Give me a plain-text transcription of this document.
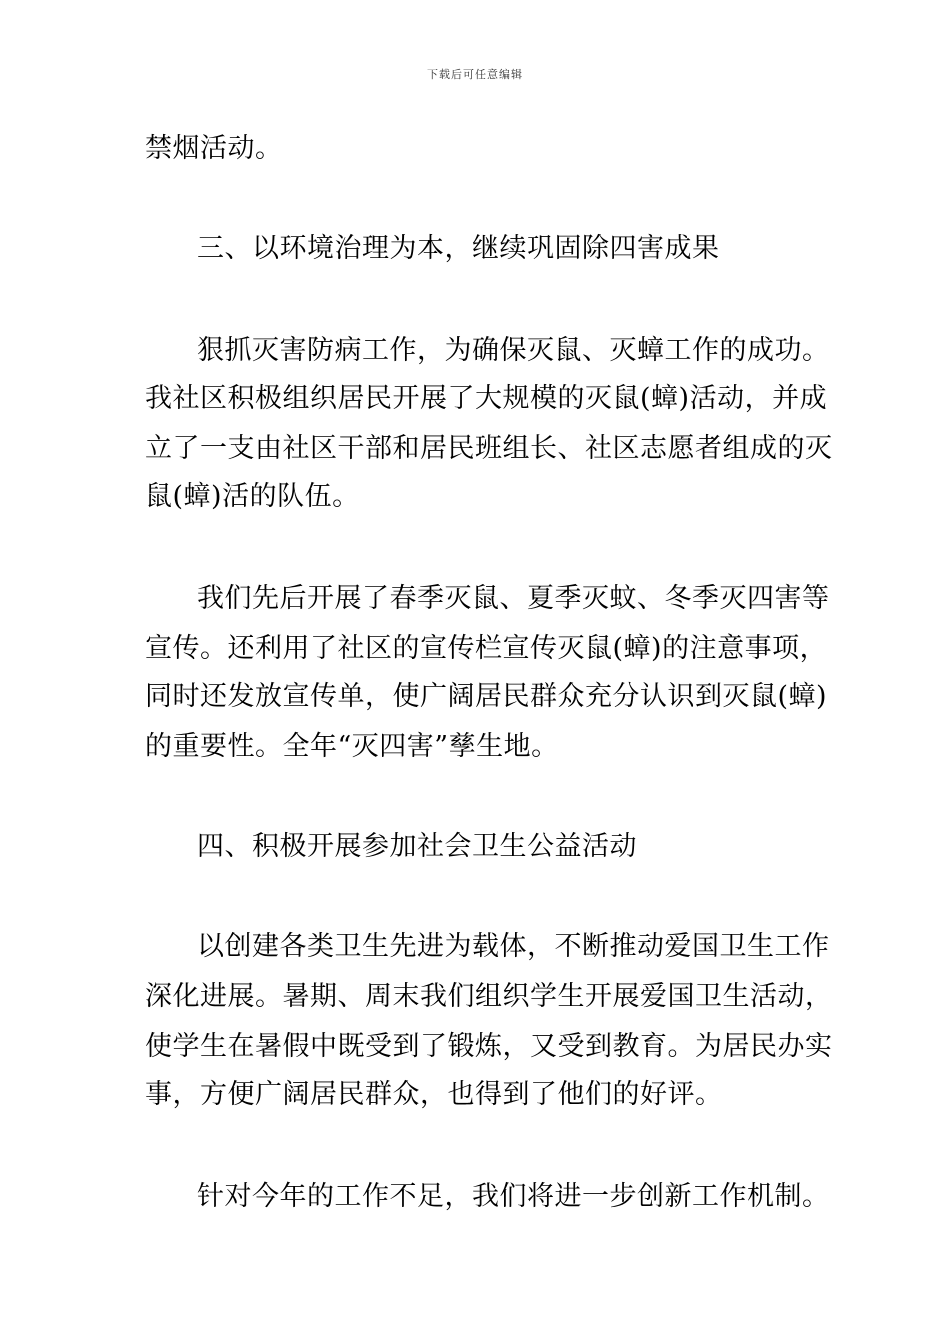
下载后可任意编辑
禁烟活动。
三、以环境治理为本，继续巩固除四害成果
狠抓灭害防病工作，为确保灭鼠、灭蟑工作的成功。
我社区积极组织居民开展了大规模的灭鼠(蟑)活动，并成
立了一支由社区干部和居民班组长、社区志愿者组成的灭
鼠(蟑)活的队伍。
我们先后开展了春季灭鼠、夏季灭蚊、冬季灭四害等
宣传。还利用了社区的宣传栏宣传灭鼠(蟑)的注意事项，
同时还发放宣传单，使广阔居民群众充分认识到灭鼠(蟑)
的重要性。全年“灭四害”孳生地。
四、积极开展参加社会卫生公益活动
以创建各类卫生先进为载体，不断推动爱国卫生工作
深化进展。暑期、周末我们组织学生开展爱国卫生活动，
使学生在暑假中既受到了锻炼，又受到教育。为居民办实
事，方便广阔居民群众，也得到了他们的好评。
针对今年的工作不足，我们将进一步创新工作机制。
